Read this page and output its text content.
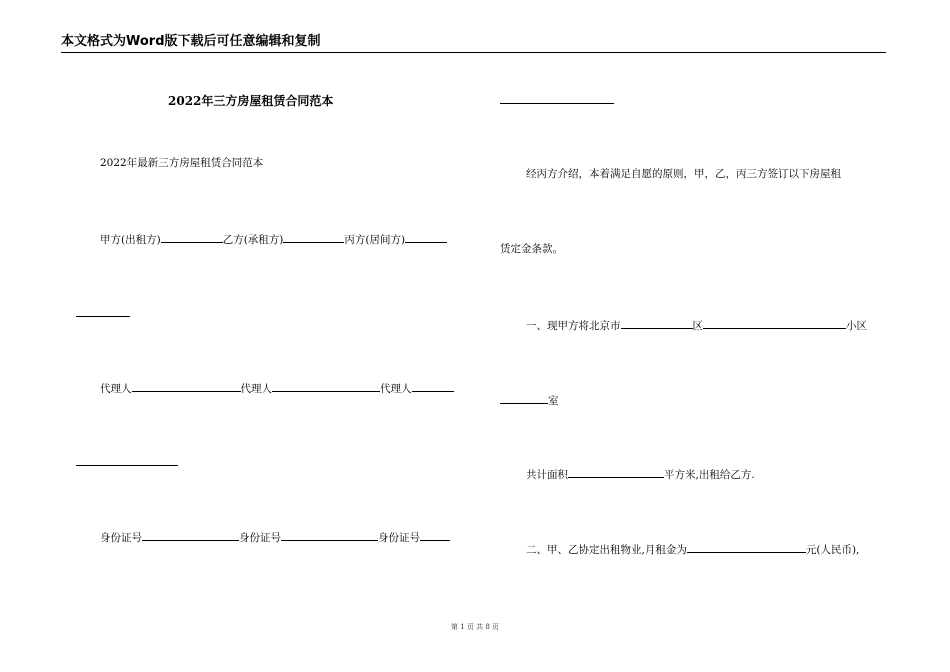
本文格式为Word版下载后可任意编辑和复制
2022年三方房屋租赁合同范本
2022年最新三方房屋租赁合同范本
甲方(出租方)	乙方(承租方)	丙方(居间方)
代理人	代理人	代理人
身份证号	身份证号	身份证号
经丙方介绍，本着满足自愿的原则，甲，乙，丙三方签订以下房屋租
赁定金条款。
一、现甲方将北京市	区	小区
室
共计面积	平方米,出租给乙方.
二、甲、乙协定出租物业,月租金为	元(人民币),
第 1 页 共 8 页
